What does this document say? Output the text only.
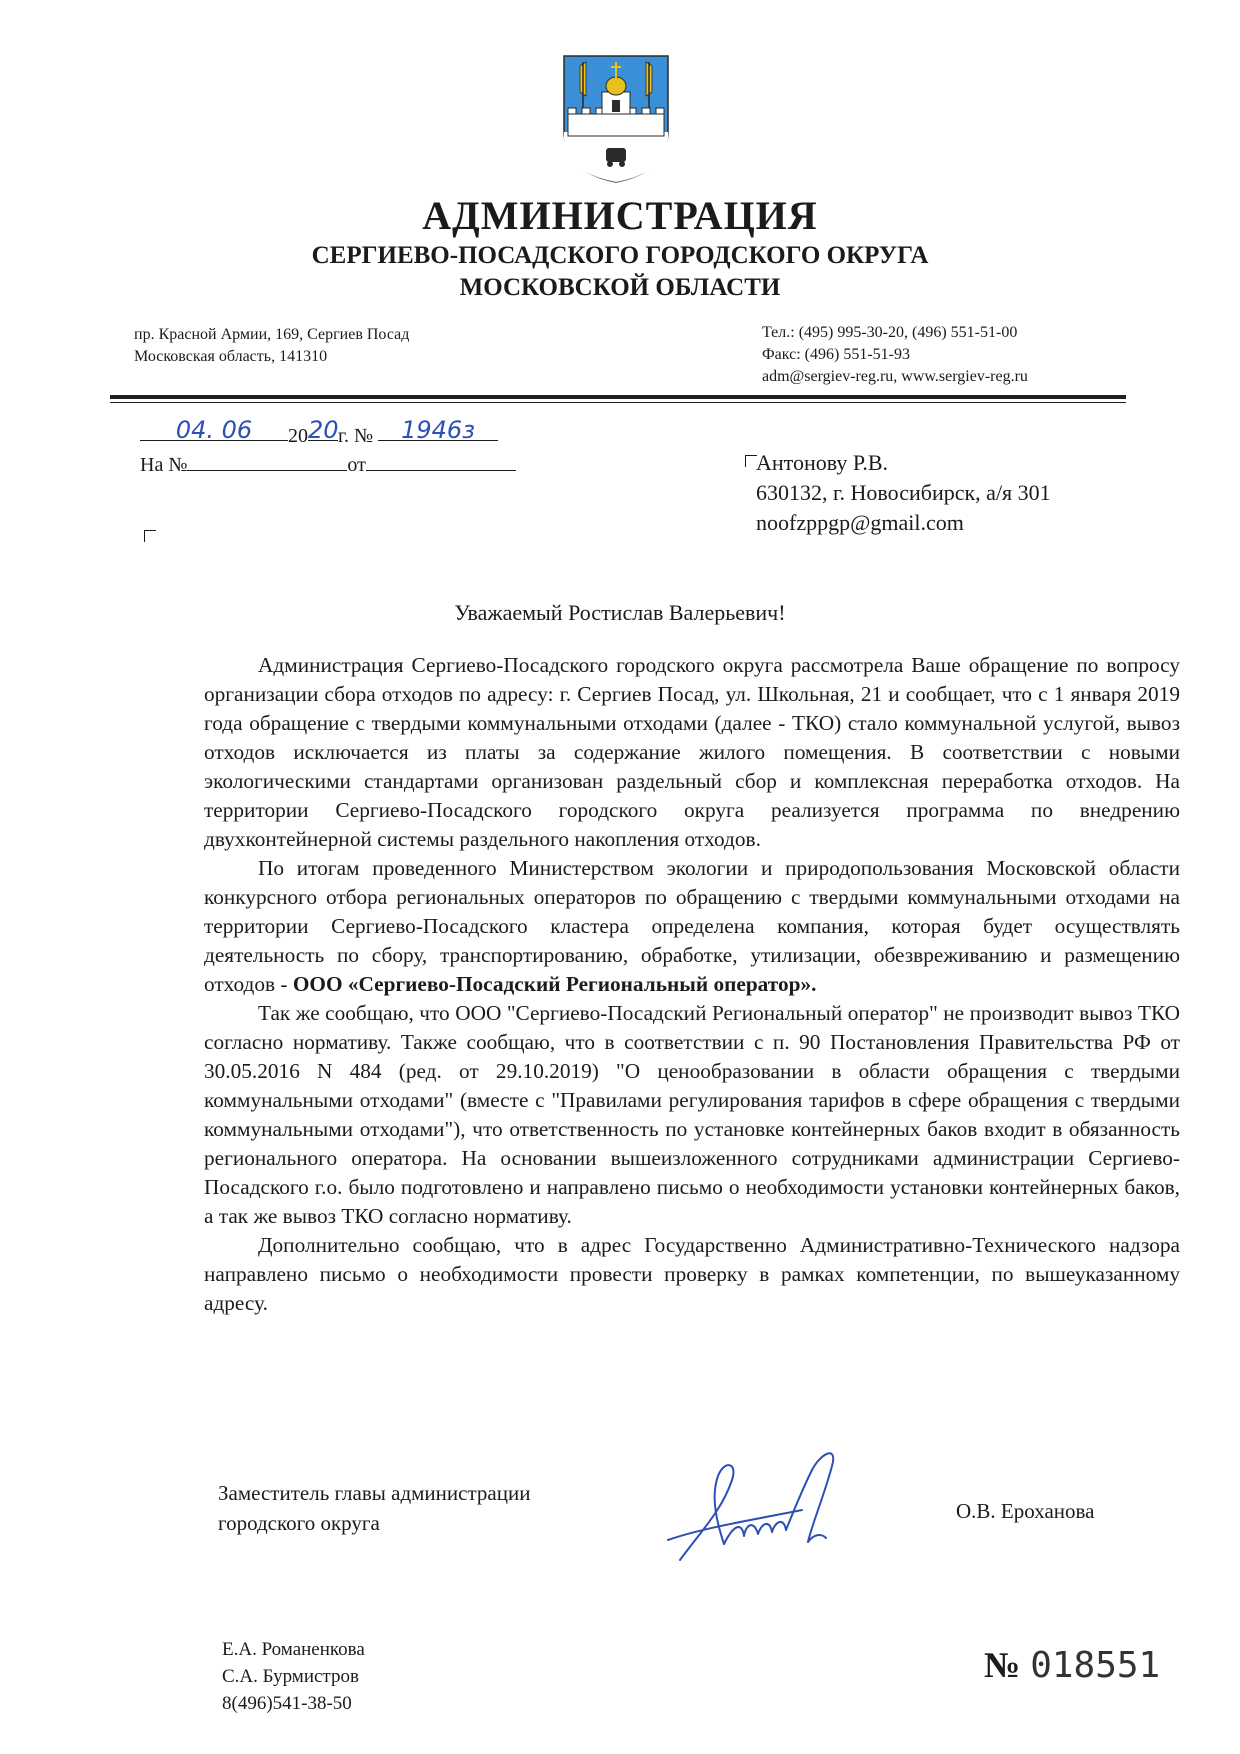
АДМИНИСТРАЦИЯ
СЕРГИЕВО-ПОСАДСКОГО ГОРОДСКОГО ОКРУГА
МОСКОВСКОЙ ОБЛАСТИ
пр. Красной Армии, 169, Сергиев Посад
Московская область, 141310
Тел.: (495) 995-30-20, (496) 551-51-00
Факс: (496) 551-51-93
adm@sergiev-reg.ru, www.sergiev-reg.ru
04. 06 2020г. № 1946з
На №	от	Антонову Р.В.
630132, г. Новосибирск, а/я 301
noofzppgp@gmail.com
Уважаемый Ростислав Валерьевич!

Администрация Сергиево-Посадского городского округа рассмотрела Ваше обращение по вопросу организации сбора отходов по адресу: г. Сергиев Посад, ул. Школьная, 21 и сообщает, что с 1 января 2019 года обращение с твердыми коммунальными отходами (далее - ТКО) стало коммунальной услугой, вывоз отходов исключается из платы за содержание жилого помещения. В соответствии с новыми экологическими стандартами организован раздельный сбор и комплексная переработка отходов. На территории Сергиево-Посадского городского округа реализуется программа по внедрению двухконтейнерной системы раздельного накопления отходов.

По итогам проведенного Министерством экологии и природопользования Московской области конкурсного отбора региональных операторов по обращению с твердыми коммунальными отходами на территории Сергиево-Посадского кластера определена компания, которая будет осуществлять деятельность по сбору, транспортированию, обработке, утилизации, обезвреживанию и размещению отходов - ООО «Сергиево-Посадский Региональный оператор».

Так же сообщаю, что ООО "Сергиево-Посадский Региональный оператор" не производит вывоз ТКО согласно нормативу. Также сообщаю, что в соответствии с п. 90 Постановления Правительства РФ от 30.05.2016 N 484 (ред. от 29.10.2019) "О ценообразовании в области обращения с твердыми коммунальными отходами" (вместе с "Правилами регулирования тарифов в сфере обращения с твердыми коммунальными отходами"), что ответственность по установке контейнерных баков входит в обязанность регионального оператора. На основании вышеизложенного сотрудниками администрации Сергиево-Посадского г.о. было подготовлено и направлено письмо о необходимости установки контейнерных баков, а так же вывоз ТКО согласно нормативу.

Дополнительно сообщаю, что в адрес Государственно Административно-Технического надзора направлено письмо о необходимости провести проверку в рамках компетенции, по вышеуказанному адресу.

Заместитель главы администрации
городского округа	О.В. Ероханова
Е.А. Романенкова
С.А. Бурмистров
8(496)541-38-50
№ 018551
